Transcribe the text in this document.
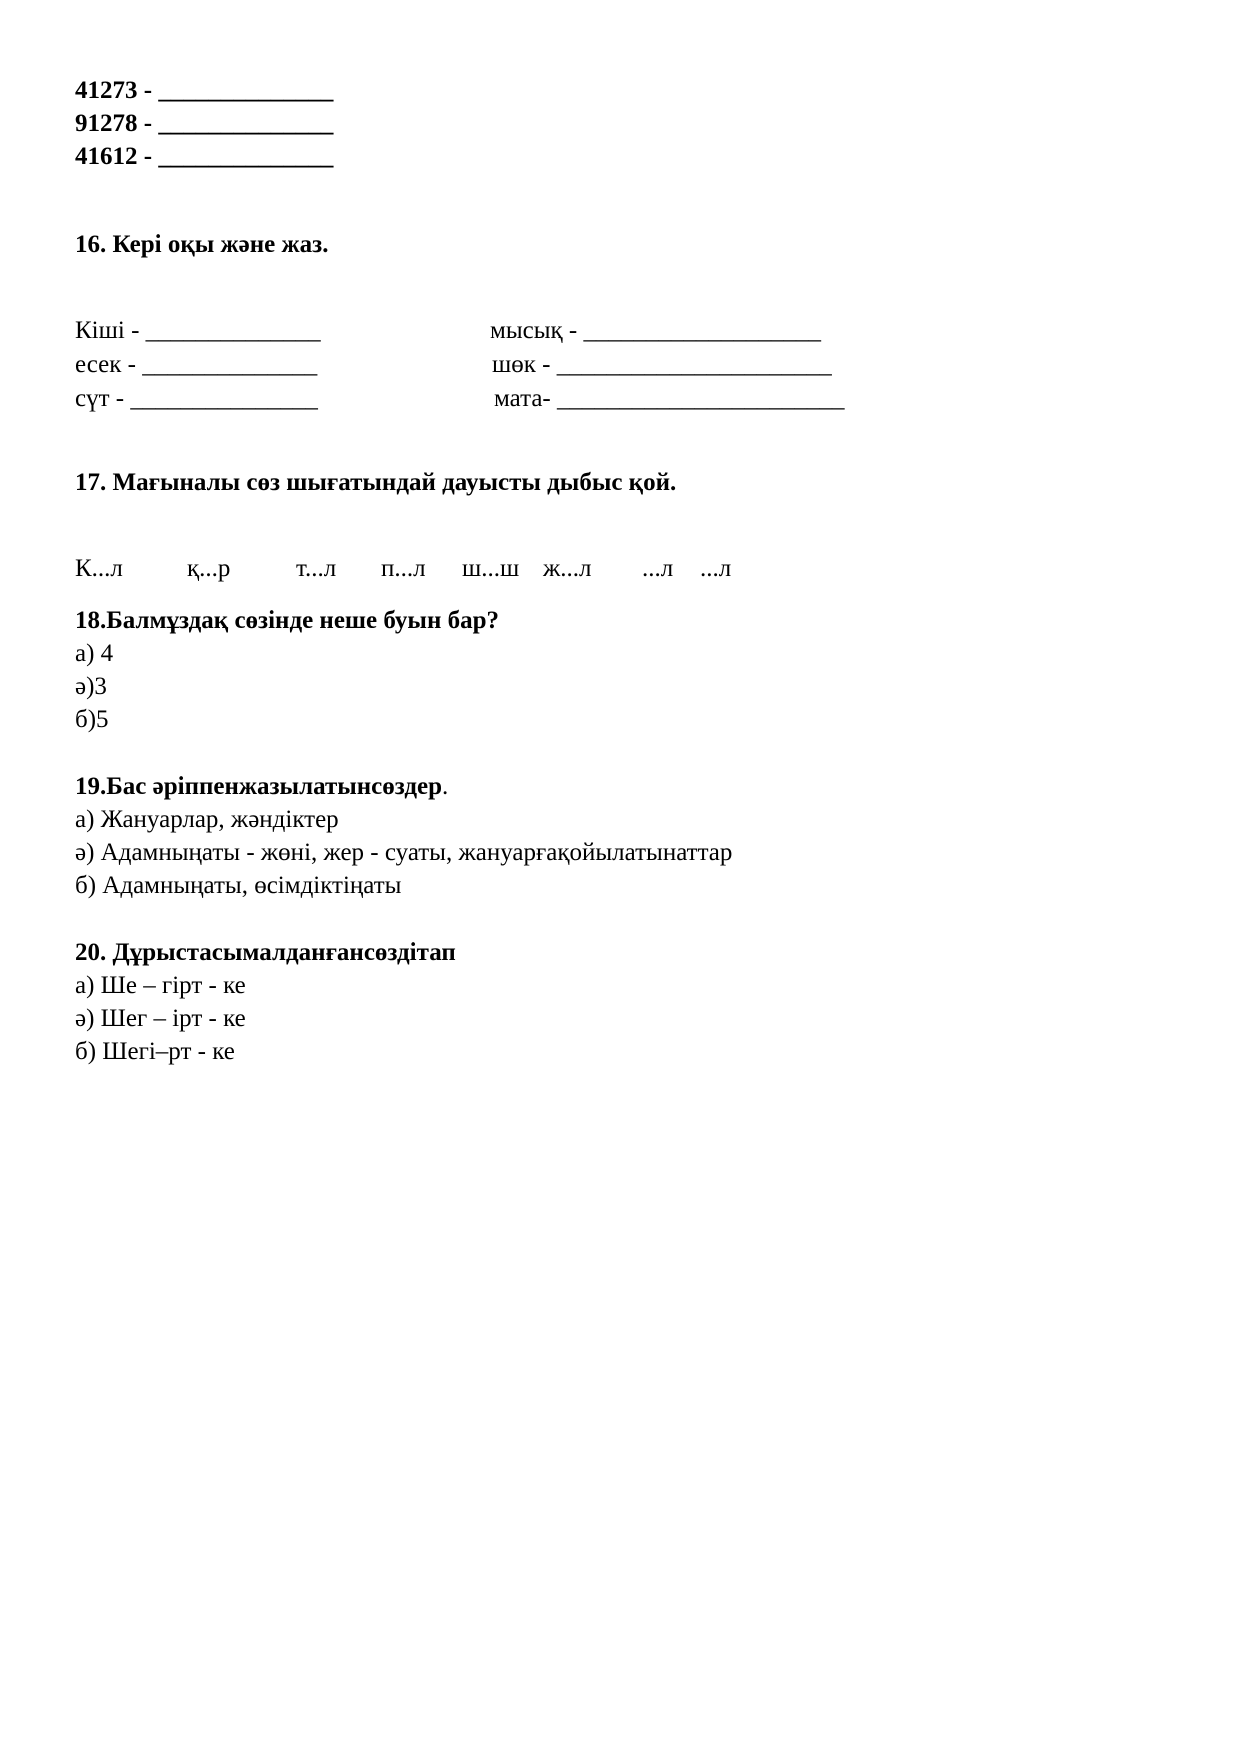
41273 - ______________
91278 - ______________
41612 - ______________
16. Кері оқы және жаз.
Кіші - ______________
есек - ______________
сүт - _______________
мысық - ___________________
шөк - ______________________
мата- _______________________
17. Мағыналы сөз шығатындай дауысты дыбыс қой.
К...л	қ...р	т...л п...л ш...ш ж...л ...л ...л
18.Балмұздақ сөзінде неше буын бар?
а) 4
ә)3
б)5
19.Бас әріппенжазылатынсөздер.
а) Жануарлар, жәндіктер
ә) Адамныңаты - жөні, жер - суаты, жануарғақойылатынаттар
б) Адамныңаты, өсімдіктіңаты
20. Дұрыстасымалданғансөздітап
а) Ше – гірт - ке
ә) Шег – ірт - ке
б) Шегі–рт - ке
